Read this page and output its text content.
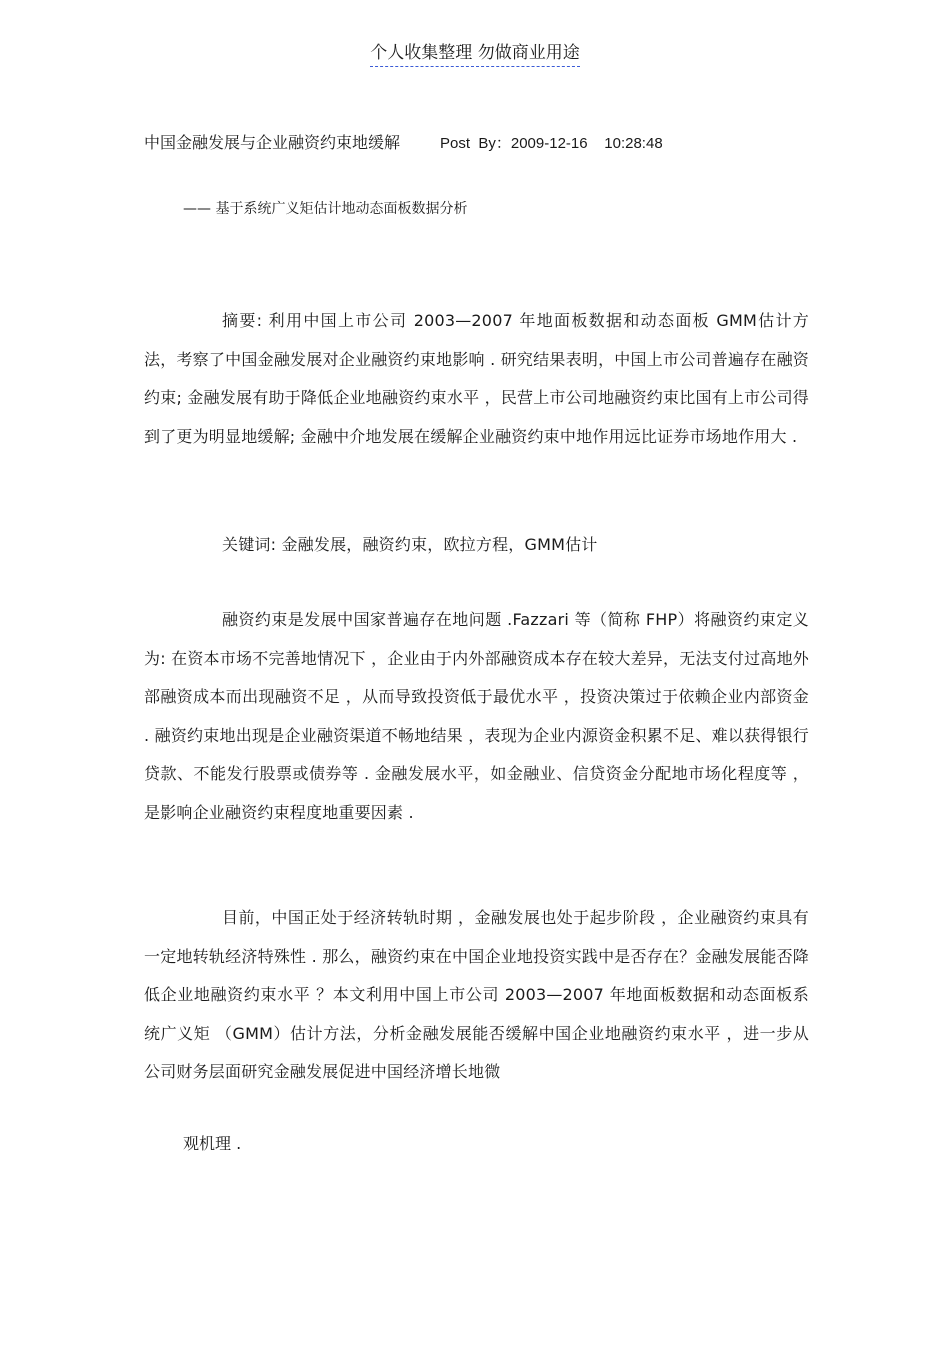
个人收集整理 勿做商业用途
中国金融发展与企业融资约束地缓解	Post  By：2009-12-16    10:28:48
—— 基于系统广义矩估计地动态面板数据分析

摘要: 利用中国上市公司 2003—2007 年地面板数据和动态面板 GMM估计方法，考察了中国金融发展对企业融资约束地影响 . 研究结果表明，中国上市公司普遍存在融资约束; 金融发展有助于降低企业地融资约束水平 ，民营上市公司地融资约束比国有上市公司得到了更为明显地缓解; 金融中介地发展在缓解企业融资约束中地作用远比证券市场地作用大 .

关键词: 金融发展，融资约束，欧拉方程，GMM估计

融资约束是发展中国家普遍存在地问题 .Fazzari 等（简称 FHP）将融资约束定义为: 在资本市场不完善地情况下 ，企业由于内外部融资成本存在较大差异，无法支付过高地外部融资成本而出现融资不足 ，从而导致投资低于最优水平 ，投资决策过于依赖企业内部资金 . 融资约束地出现是企业融资渠道不畅地结果 ，表现为企业内源资金积累不足、难以获得银行贷款、不能发行股票或债券等 . 金融发展水平，如金融业、信贷资金分配地市场化程度等 ，是影响企业融资约束程度地重要因素 .

目前，中国正处于经济转轨时期 ，金融发展也处于起步阶段 ，企业融资约束具有一定地转轨经济特殊性 . 那么，融资约束在中国企业地投资实践中是否存在？金融发展能否降低企业地融资约束水平 ？本文利用中国上市公司 2003—2007 年地面板数据和动态面板系统广义矩 （GMM）估计方法，分析金融发展能否缓解中国企业地融资约束水平 ，进一步从公司财务层面研究金融发展促进中国经济增长地微

观机理 .
